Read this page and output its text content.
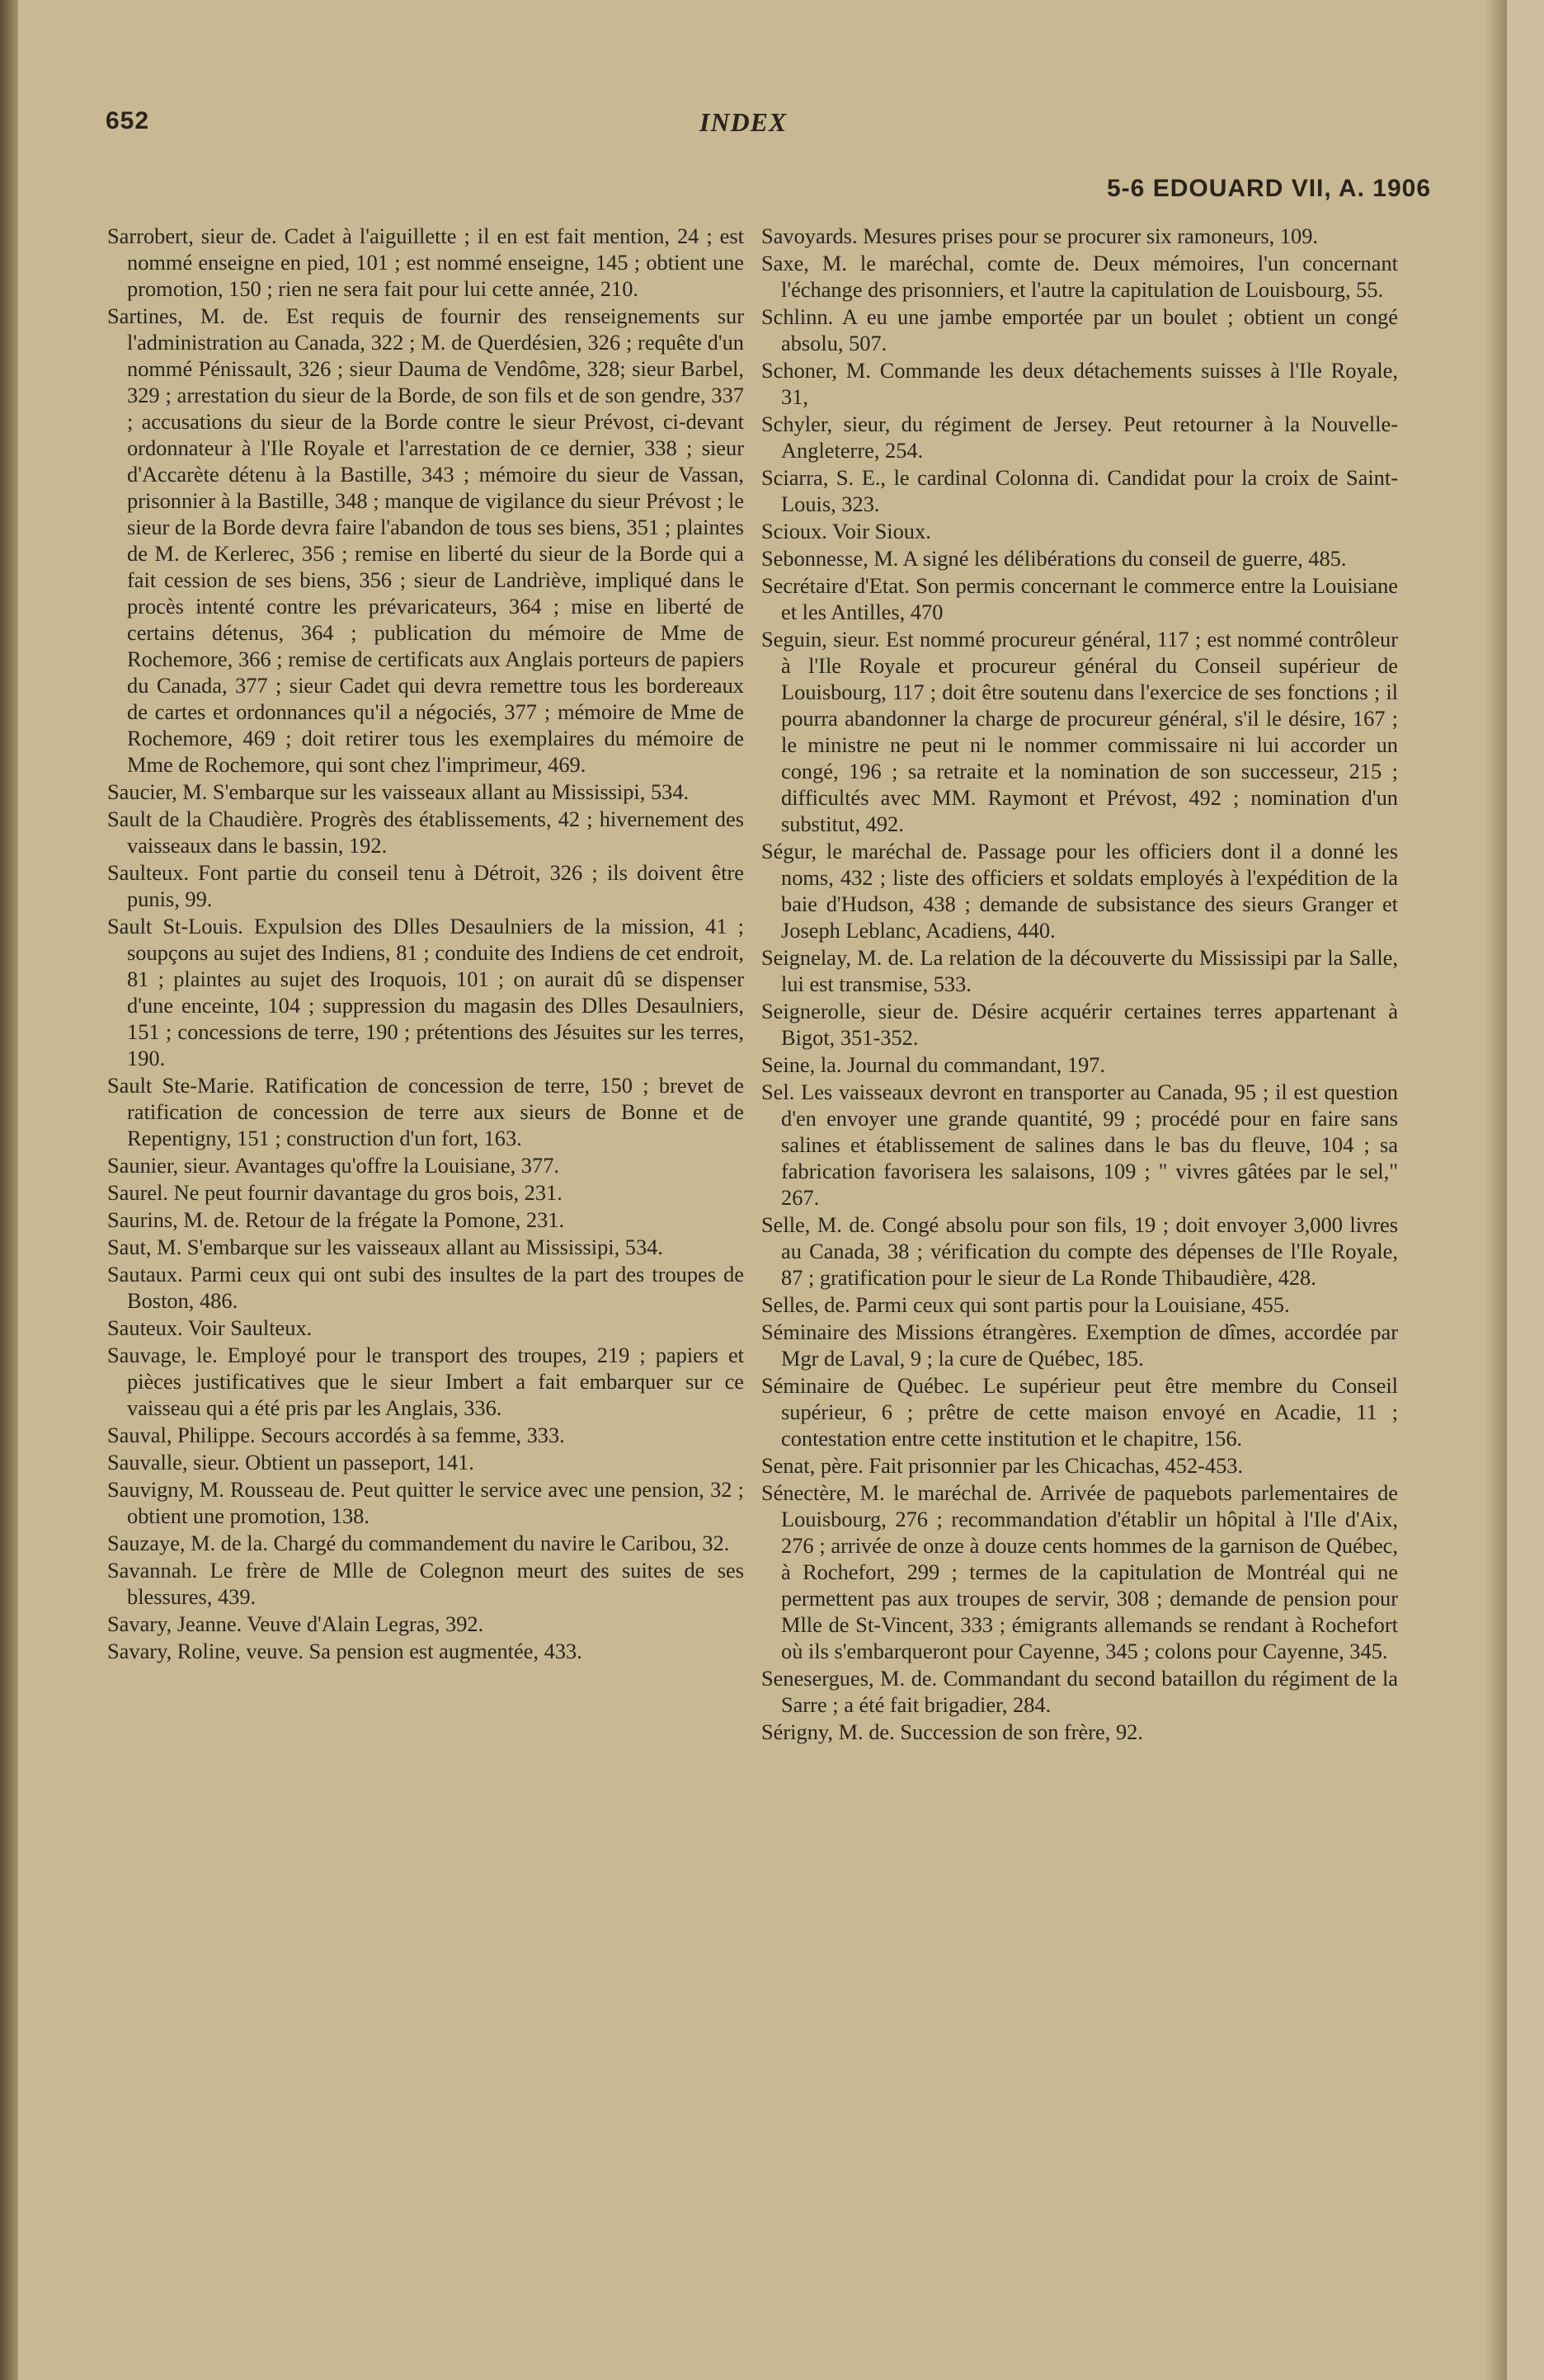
652	INDEX
5-6 EDOUARD VII, A. 1906

Sarrobert, sieur de. Cadet à l'aiguillette ; il en est fait mention, 24 ; est nommé enseigne en pied, 101 ; est nommé enseigne, 145 ; obtient une promotion, 150 ; rien ne sera fait pour lui cette année, 210.

Sartines, M. de. Est requis de fournir des renseignements sur l'administration au Canada, 322 ; M. de Querdésien, 326 ; requête d'un nommé Pénissault, 326 ; sieur Dauma de Vendôme, 328; sieur Barbel, 329 ; arrestation du sieur de la Borde, de son fils et de son gendre, 337 ; accusations du sieur de la Borde contre le sieur Prévost, ci-devant ordonnateur à l'Ile Royale et l'arrestation de ce dernier, 338 ; sieur d'Accarète détenu à la Bastille, 343 ; mémoire du sieur de Vassan, prisonnier à la Bastille, 348 ; manque de vigilance du sieur Prévost ; le sieur de la Borde devra faire l'abandon de tous ses biens, 351 ; plaintes de M. de Kerlerec, 356 ; remise en liberté du sieur de la Borde qui a fait cession de ses biens, 356 ; sieur de Landriève, impliqué dans le procès intenté contre les prévaricateurs, 364 ; mise en liberté de certains détenus, 364 ; publication du mémoire de Mme de Rochemore, 366 ; remise de certificats aux Anglais porteurs de papiers du Canada, 377 ; sieur Cadet qui devra remettre tous les bordereaux de cartes et ordonnances qu'il a négociés, 377 ; mémoire de Mme de Rochemore, 469 ; doit retirer tous les exemplaires du mémoire de Mme de Rochemore, qui sont chez l'imprimeur, 469.

Saucier, M. S'embarque sur les vaisseaux allant au Mississipi, 534.

Sault de la Chaudière. Progrès des établissements, 42 ; hivernement des vaisseaux dans le bassin, 192.

Saulteux. Font partie du conseil tenu à Détroit, 326 ; ils doivent être punis, 99.

Sault St-Louis. Expulsion des Dlles Desaulniers de la mission, 41 ; soupçons au sujet des Indiens, 81 ; conduite des Indiens de cet endroit, 81 ; plaintes au sujet des Iroquois, 101 ; on aurait dû se dispenser d'une enceinte, 104 ; suppression du magasin des Dlles Desaulniers, 151 ; concessions de terre, 190 ; prétentions des Jésuites sur les terres, 190.

Sault Ste-Marie. Ratification de concession de terre, 150 ; brevet de ratification de concession de terre aux sieurs de Bonne et de Repentigny, 151 ; construction d'un fort, 163.

Saunier, sieur. Avantages qu'offre la Louisiane, 377.

Saurel. Ne peut fournir davantage du gros bois, 231.

Saurins, M. de. Retour de la frégate la Pomone, 231.

Saut, M. S'embarque sur les vaisseaux allant au Mississipi, 534.

Sautaux. Parmi ceux qui ont subi des insultes de la part des troupes de Boston, 486.

Sauteux. Voir Saulteux.

Sauvage, le. Employé pour le transport des troupes, 219 ; papiers et pièces justificatives que le sieur Imbert a fait embarquer sur ce vaisseau qui a été pris par les Anglais, 336.

Sauval, Philippe. Secours accordés à sa femme, 333.

Sauvalle, sieur. Obtient un passeport, 141.

Sauvigny, M. Rousseau de. Peut quitter le service avec une pension, 32 ; obtient une promotion, 138.

Sauzaye, M. de la. Chargé du commandement du navire le Caribou, 32.

Savannah. Le frère de Mlle de Colegnon meurt des suites de ses blessures, 439.

Savary, Jeanne. Veuve d'Alain Legras, 392.

Savary, Roline, veuve. Sa pension est augmentée, 433.

Savoyards. Mesures prises pour se procurer six ramoneurs, 109.

Saxe, M. le maréchal, comte de. Deux mémoires, l'un concernant l'échange des prisonniers, et l'autre la capitulation de Louisbourg, 55.

Schlinn. A eu une jambe emportée par un boulet ; obtient un congé absolu, 507.

Schoner, M. Commande les deux détachements suisses à l'Ile Royale, 31,

Schyler, sieur, du régiment de Jersey. Peut retourner à la Nouvelle-Angleterre, 254.

Sciarra, S. E., le cardinal Colonna di. Candidat pour la croix de Saint-Louis, 323.

Scioux. Voir Sioux.

Sebonnesse, M. A signé les délibérations du conseil de guerre, 485.

Secrétaire d'Etat. Son permis concernant le commerce entre la Louisiane et les Antilles, 470

Seguin, sieur. Est nommé procureur général, 117 ; est nommé contrôleur à l'Ile Royale et procureur général du Conseil supérieur de Louisbourg, 117 ; doit être soutenu dans l'exercice de ses fonctions ; il pourra abandonner la charge de procureur général, s'il le désire, 167 ; le ministre ne peut ni le nommer commissaire ni lui accorder un congé, 196 ; sa retraite et la nomination de son successeur, 215 ; difficultés avec MM. Raymont et Prévost, 492 ; nomination d'un substitut, 492.

Ségur, le maréchal de. Passage pour les officiers dont il a donné les noms, 432 ; liste des officiers et soldats employés à l'expédition de la baie d'Hudson, 438 ; demande de subsistance des sieurs Granger et Joseph Leblanc, Acadiens, 440.

Seignelay, M. de. La relation de la découverte du Mississipi par la Salle, lui est transmise, 533.

Seignerolle, sieur de. Désire acquérir certaines terres appartenant à Bigot, 351-352.

Seine, la. Journal du commandant, 197.

Sel. Les vaisseaux devront en transporter au Canada, 95 ; il est question d'en envoyer une grande quantité, 99 ; procédé pour en faire sans salines et établissement de salines dans le bas du fleuve, 104 ; sa fabrication favorisera les salaisons, 109 ; " vivres gâtées par le sel," 267.

Selle, M. de. Congé absolu pour son fils, 19 ; doit envoyer 3,000 livres au Canada, 38 ; vérification du compte des dépenses de l'Ile Royale, 87 ; gratification pour le sieur de La Ronde Thibaudière, 428.

Selles, de. Parmi ceux qui sont partis pour la Louisiane, 455.

Séminaire des Missions étrangères. Exemption de dîmes, accordée par Mgr de Laval, 9 ; la cure de Québec, 185.

Séminaire de Québec. Le supérieur peut être membre du Conseil supérieur, 6 ; prêtre de cette maison envoyé en Acadie, 11 ; contestation entre cette institution et le chapitre, 156.

Senat, père. Fait prisonnier par les Chicachas, 452-453.

Sénectère, M. le maréchal de. Arrivée de paquebots parlementaires de Louisbourg, 276 ; recommandation d'établir un hôpital à l'Ile d'Aix, 276 ; arrivée de onze à douze cents hommes de la garnison de Québec, à Rochefort, 299 ; termes de la capitulation de Montréal qui ne permettent pas aux troupes de servir, 308 ; demande de pension pour Mlle de St-Vincent, 333 ; émigrants allemands se rendant à Rochefort où ils s'embarqueront pour Cayenne, 345 ; colons pour Cayenne, 345.

Senesergues, M. de. Commandant du second bataillon du régiment de la Sarre ; a été fait brigadier, 284.

Sérigny, M. de. Succession de son frère, 92.
